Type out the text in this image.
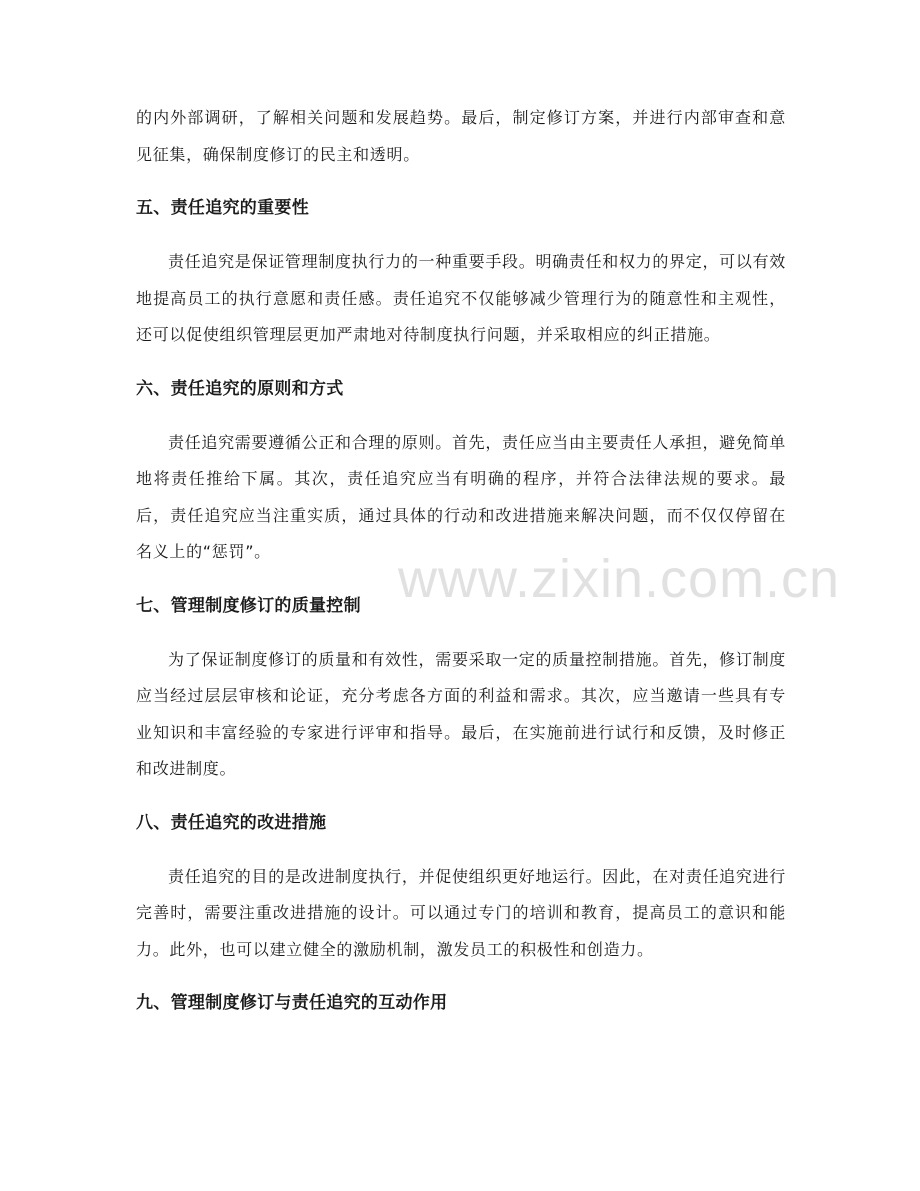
的内外部调研，了解相关问题和发展趋势。最后，制定修订方案，并进行内部审查和意见征集，确保制度修订的民主和透明。

五、责任追究的重要性

责任追究是保证管理制度执行力的一种重要手段。明确责任和权力的界定，可以有效地提高员工的执行意愿和责任感。责任追究不仅能够减少管理行为的随意性和主观性，还可以促使组织管理层更加严肃地对待制度执行问题，并采取相应的纠正措施。

六、责任追究的原则和方式

责任追究需要遵循公正和合理的原则。首先，责任应当由主要责任人承担，避免简单地将责任推给下属。其次，责任追究应当有明确的程序，并符合法律法规的要求。最后，责任追究应当注重实质，通过具体的行动和改进措施来解决问题，而不仅仅停留在名义上的“惩罚”。

七、管理制度修订的质量控制

为了保证制度修订的质量和有效性，需要采取一定的质量控制措施。首先，修订制度应当经过层层审核和论证，充分考虑各方面的利益和需求。其次，应当邀请一些具有专业知识和丰富经验的专家进行评审和指导。最后，在实施前进行试行和反馈，及时修正和改进制度。

八、责任追究的改进措施

责任追究的目的是改进制度执行，并促使组织更好地运行。因此，在对责任追究进行完善时，需要注重改进措施的设计。可以通过专门的培训和教育，提高员工的意识和能力。此外，也可以建立健全的激励机制，激发员工的积极性和创造力。

九、管理制度修订与责任追究的互动作用
www.zixin.com.cn
